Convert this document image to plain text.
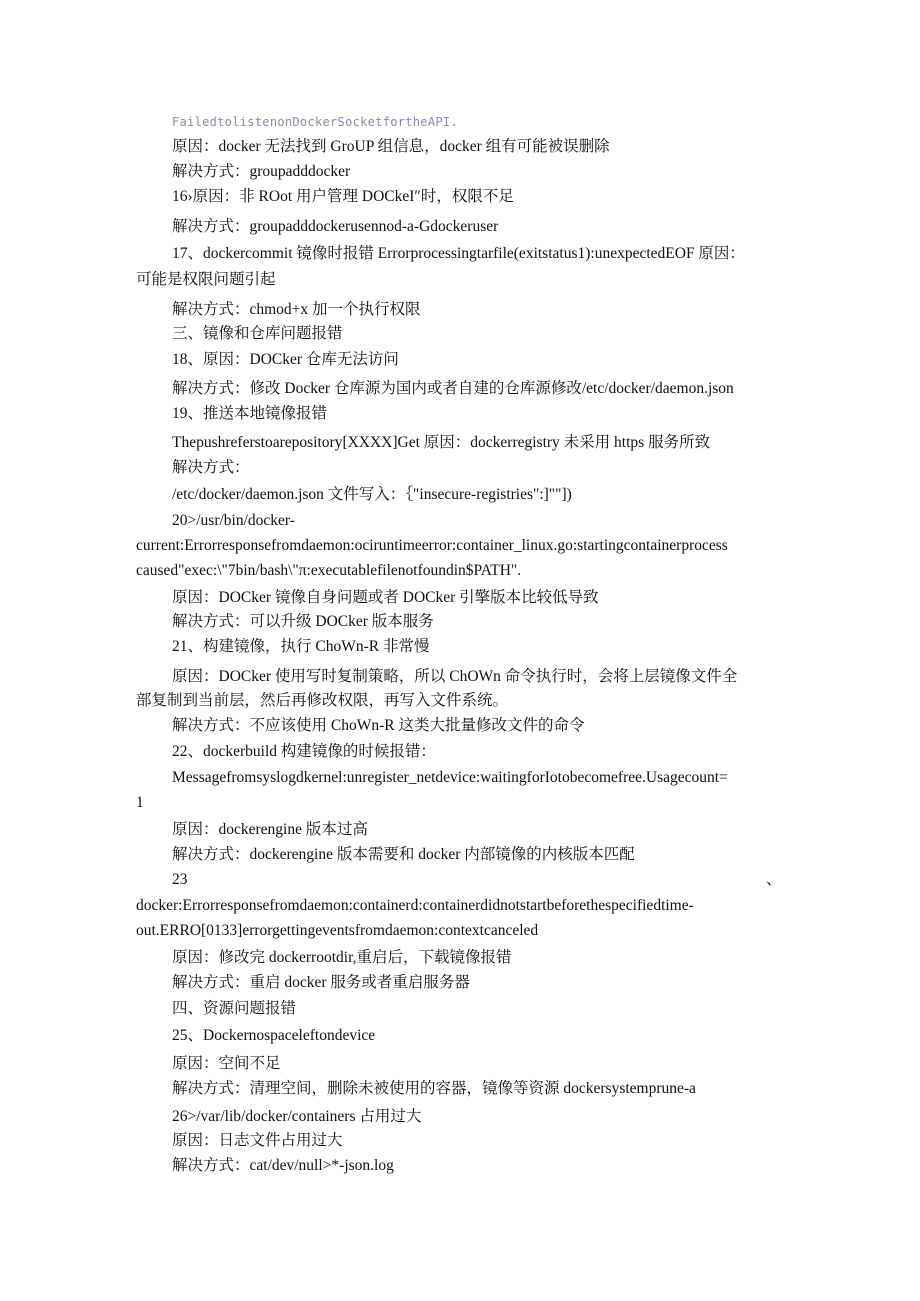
FailedtolistenonDockerSocketfortheAPI.
原因：docker 无法找到 GroUP 组信息，docker 组有可能被误删除
解决方式：groupadddocker
16›原因：非 ROot 用户管理 DOCkeI″时，权限不足
解决方式：groupadddockerusennod-a-Gdockeruser
17、dockercommit 镜像时报错 Errorprocessingtarfile(exitstatus1):unexpectedEOF 原因：
可能是权限问题引起
解决方式：chmod+x 加一个执行权限
三、镜像和仓库问题报错
18、原因：DOCker 仓库无法访问
解决方式：修改 Docker 仓库源为国内或者自建的仓库源修改/etc/docker/daemon.json
19、推送本地镜像报错
Thepushreferstoarepository[XXXX]Get 原因：dockerregistry 未采用 https 服务所致
解决方式：
/etc/docker/daemon.json 文件写入：｛"insecure-registries":]""])
20>/usr/bin/docker-
current:Errorresponsefromdaemon:ociruntimeerror:container_linux.go:startingcontainerprocess
caused"exec:\"7bin/bash\"π:executablefilenotfoundin$PATH".
原因：DOCker 镜像自身问题或者 DOCker 引擎版本比较低导致
解决方式：可以升级 DOCker 版本服务
21、构建镜像，执行 ChoWn-R 非常慢
原因：DOCker 使用写时复制策略，所以 ChOWn 命令执行时，会将上层镜像文件全
部复制到当前层，然后再修改权限，再写入文件系统。
解决方式：不应该使用 ChoWn-R 这类大批量修改文件的命令
22、dockerbuild 构建镜像的时候报错：
Messagefromsyslogdkernel:unregister_netdevice:waitingforIotobecomefree.Usagecount=
1
原因：dockerengine 版本过高
解决方式：dockerengine 版本需要和 docker 内部镜像的内核版本匹配
23	、
docker:Errorresponsefromdaemon:containerd:containerdidnotstartbeforethespecifiedtime-
out.ERRO[0133]errorgettingeventsfromdaemon:contextcanceled
原因：修改完 dockerrootdir,重启后，下载镜像报错
解决方式：重启 docker 服务或者重启服务器
四、资源问题报错
25、Dockernospaceleftondevice
原因：空间不足
解决方式：清理空间，删除未被使用的容器，镜像等资源 dockersystemprune-a
26>/var/lib/docker/containers 占用过大
原因：日志文件占用过大
解决方式：cat/dev/null>*-json.log
